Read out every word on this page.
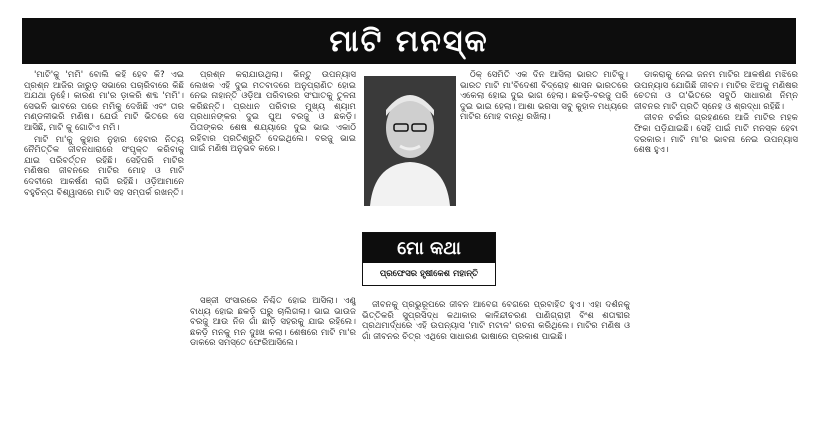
ମାଟି ମନସ୍କ

'ମାଟି'କୁ 'ମମି' ବୋଲି କହି ହେବ କି? ଏଇ ପ୍ରଶ୍ନ ଆଜିର ଜାରୁଡ଼ ସଭାରେ ପଚାରିବାରେ କିଛି ଅଯଥା ନୁହେଁ। କାରଣ ମା'ର ଡ଼ାକରି ଶବ୍ଦ 'ମମି'। ସେଭଳି ଭାବରେ ପରେ ମମିକୁ ଦେଖିଛି ଏବଂ ତାର ମଣ୍ଡଳୀଭରି ମଣିଷ। ଯେଉଁ ମାଟି ଭିତରେ ସେ ଆସିଛି, ମାଟି କୁ ଗୋଟିଏ ମମି।

ମାଟି ମା'କୁ କୁହାର ନୁହାର ହେବାର ନିତ୍ୟ ନୈମିତ୍ତିକ ଜୀବନଧାରାରେ ସଂପୃକ୍ତ କରିବାକୁ ଯାଇ ପରିବର୍ତ୍ତନ ରହିଛି। ସେହିପରି ମାଟିର ମଣିଷର ଜୀବନରେ ମାଟିର ମୋହ ଓ ମାଟି ଦେବୀରେ ଆକର୍ଷଣ ଲାଗି ରହିଛି। ଓଡ଼ିଆମାନେ ବହୁଚିନ୍ତା ବିଶ୍ୱାସରେ ମାଟି ସହ ସମ୍ପର୍କ ରଖନ୍ତି।

ପ୍ରଶ୍ନ କରାଯାଉଥିଲା। କିନ୍ତୁ ଉପନ୍ୟାସ ଲେଖକ ଏହି ଦୁଇ ମତବାଦରେ ଅନୁପ୍ରାଣିତ ହୋଇ ନେଇ ନାହାନ୍ତି ଓଡ଼ିଆ ପରିବାରର ସଂଘାତକୁ ତୁଳନା କରିଛନ୍ତି। ପ୍ରଧାନ ପରିବାର ମୁଖ୍ୟ ଶ୍ୟାମ ପ୍ରଧାନଙ୍କର ଦୁଇ ପୁଅ ବରଜୁ ଓ ଛକଡ଼ି। ପିତାଙ୍କର ଶେଷ ଶଯ୍ୟାରେ ଦୁଇ ଭାଇ ଏକାଠି ରହିବାର ପ୍ରତିଶ୍ରୁତି ଦେଇଥିଲେ। ବରଜୁ ଭାଇ ପାଇଁ ମଣିଷ ଅନୁଭବ କରେ।

ସଞ୍ଜୀ ସଂସାରରେ ନିଶ୍ଚିତ ହୋଇ ଆସିଲା। ଏଣୁ ବାଧ୍ୟ ହୋଇ ଛକଡ଼ି ଘରୁ ଚାଲିଗଲା। ଭାଇ ଭାଉଜ ବରଜୁ ଆଉ ନିଜ ଗାଁ ଛାଡ଼ି ସହରକୁ ଯାଇ ରହିଲେ। ଛକଡ଼ି ମନକୁ ମନ ଦୁଃଖ କଲା। ଶେଷରେ ମାଟି ମା'ର ଡାକରେ ସମସ୍ତେ ଫେରିଆସିଲେ।

ଠିକ୍ ସେମିତି ଏକ ଦିନ ଆସିଲା ଭାରତ ମାଟିକୁ। ଭାରତ ମାଟି ମା'ବିଦେଶୀ ବିଦ୍ରୋହ ଶାସନ ଭାରତରେ ଏକେଲା ହୋଇ ଦୁଇ ଭାଗ ହେଲା। ଛକଡ଼ି-ବରଜୁ ପରି ଦୁଇ ଭାଇ ହେଲା। ଆଶା ଭରସା ସବୁ କୁହାଳ ମଧ୍ୟରେ ମାଟିର ମୋହ ବାନ୍ଧି ରଖିଲା।

ମୋ କଥା
ପ୍ରଫେସର ହୃଷୀକେଶ ମହାନ୍ତି

ଜୀବନକୁ ପ୍ରଭୁରୂପରେ ଜୀବନ ଆବେଗ ବେଗରେ ପ୍ରବାହିତ ହୁଏ। ଏହା ଦର୍ଶନକୁ ଭିତ୍ତିକରି ସୁପ୍ରସିଦ୍ଧ କଥାକାର କାଳିନ୍ଦୀଚରଣ ପାଣିଗ୍ରାହୀ ବିଂଶ ଶତାବ୍ଦୀର ପ୍ରଥମାର୍ଦ୍ଧରେ ଏହି ଉପନ୍ୟାସ 'ମାଟି ମଟାଳ' ରଚନା କରିଥିଲେ। ମାଟିର ମଣିଷ ଓ ଗାଁ ଜୀବନର ଚିତ୍ର ଏଥିରେ ସାଧାରଣ ଭାଷାରେ ପ୍ରକାଶ ପାଇଛି।

ଡାକରାକୁ ନେଇ ଜନମ ମାଟିର ଆକର୍ଷଣ ମଝିରେ ଉପନ୍ୟାସ ଯୋଗିଛି ଜୀବନ। ମାଟିର ଝିଅକୁ ମଣିଷର ଚେତନା ଓ ତା'ଭିତରେ ସବୁଠି ସାଧାରଣ ନିମ୍ନ ଜୀବନର ମାଟି ପ୍ରତି ସ୍ନେହ ଓ ଶ୍ରଦ୍ଧା ରହିଛି।

ଜୀବନ ଚର୍ଚ୍ଚାର ଗ୍ରହଣରେ ଆଜି ମାଟିର ମହକ ଫିକା ପଡ଼ିଯାଇଛି। ସେହି ପାଇଁ ମାଟି ମନସ୍କ ହେବା ଦରକାର। ମାଟି ମା'ର ଭାବନା ନେଇ ଉପନ୍ୟାସ ଶେଷ ହୁଏ।
